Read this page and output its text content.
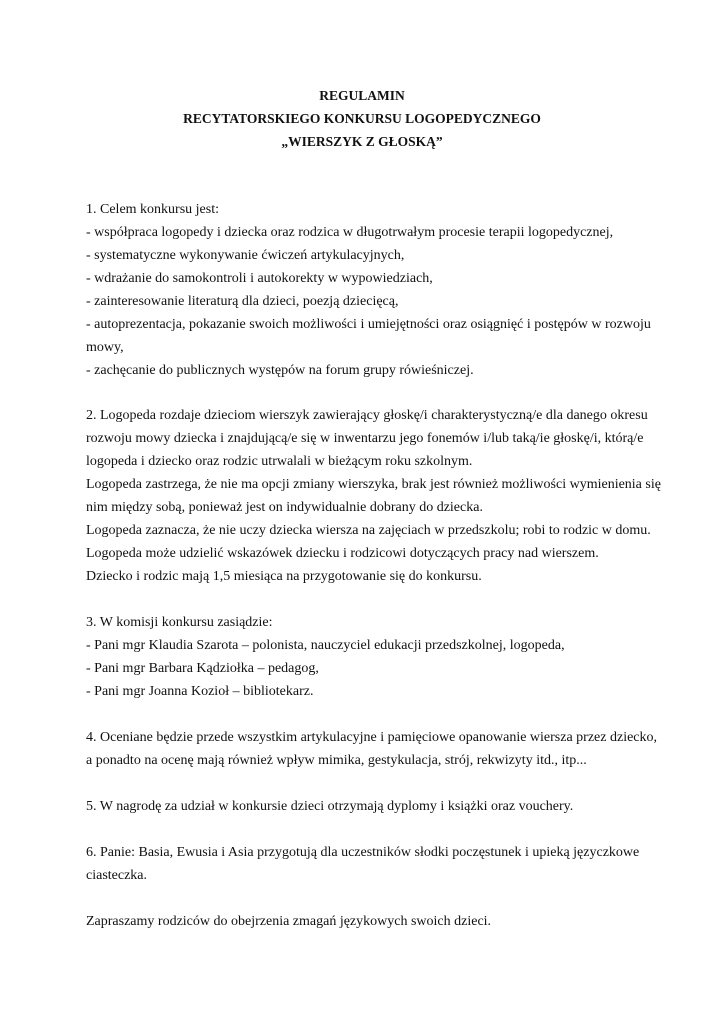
REGULAMIN
RECYTATORSKIEGO KONKURSU LOGOPEDYCZNEGO
„WIERSZYK Z GŁOSKĄ”
1. Celem konkursu jest:
- współpraca logopedy i dziecka oraz rodzica w długotrwałym procesie terapii logopedycznej,
- systematyczne wykonywanie ćwiczeń artykulacyjnych,
- wdrażanie do samokontroli i autokorekty w wypowiedziach,
- zainteresowanie literaturą dla dzieci, poezją dziecięcą,
- autoprezentacja, pokazanie swoich możliwości i umiejętności oraz osiągnięć i postępów w rozwoju
mowy,
- zachęcanie do publicznych występów na forum grupy rówieśniczej.
2. Logopeda rozdaje dzieciom wierszyk zawierający głoskę/i charakterystyczną/e dla danego okresu
rozwoju mowy dziecka i znajdującą/e się w inwentarzu jego fonemów i/lub taką/ie głoskę/i, którą/e
logopeda i dziecko oraz rodzic utrwalali w bieżącym roku szkolnym.
Logopeda zastrzega, że nie ma opcji zmiany wierszyka, brak jest również możliwości wymienienia się
nim między sobą, ponieważ jest on indywidualnie dobrany do dziecka.
Logopeda zaznacza, że nie uczy dziecka wiersza na zajęciach w przedszkolu; robi to rodzic w domu.
Logopeda może udzielić wskazówek dziecku i rodzicowi dotyczących pracy nad wierszem.
Dziecko i rodzic mają 1,5 miesiąca na przygotowanie się do konkursu.
3. W komisji konkursu zasiądzie:
- Pani mgr Klaudia Szarota – polonista, nauczyciel edukacji przedszkolnej, logopeda,
- Pani mgr Barbara Kądziołka – pedagog,
- Pani mgr Joanna Kozioł – bibliotekarz.
4. Oceniane będzie przede wszystkim artykulacyjne i pamięciowe opanowanie wiersza przez dziecko,
a ponadto na ocenę mają również wpływ mimika, gestykulacja, strój, rekwizyty itd., itp...
5. W nagrodę za udział w konkursie dzieci otrzymają dyplomy i książki oraz vouchery.
6. Panie: Basia, Ewusia i Asia przygotują dla uczestników słodki poczęstunek i upieką języczkowe
ciasteczka.
Zapraszamy rodziców do obejrzenia zmagań językowych swoich dzieci.
